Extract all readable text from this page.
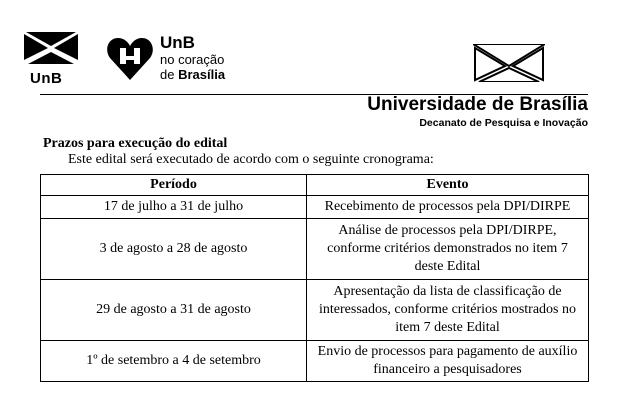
UnB
UnB
no coração
de Brasília
Universidade de Brasília
Decanato de Pesquisa e Inovação
Prazos para execução do edital
Este edital será executado de acordo com o seguinte cronograma:
Período	Evento
17 de julho a 31 de julho	Recebimento de processos pela DPI/DIRPE
3 de agosto a 28 de agosto	Análise de processos pela DPI/DIRPE,
conforme critérios demonstrados no item 7
deste Edital
29 de agosto a 31 de agosto	Apresentação da lista de classificação de
interessados, conforme critérios mostrados no
item 7 deste Edital
1º de setembro a 4 de setembro	Envio de processos para pagamento de auxílio
financeiro a pesquisadores
